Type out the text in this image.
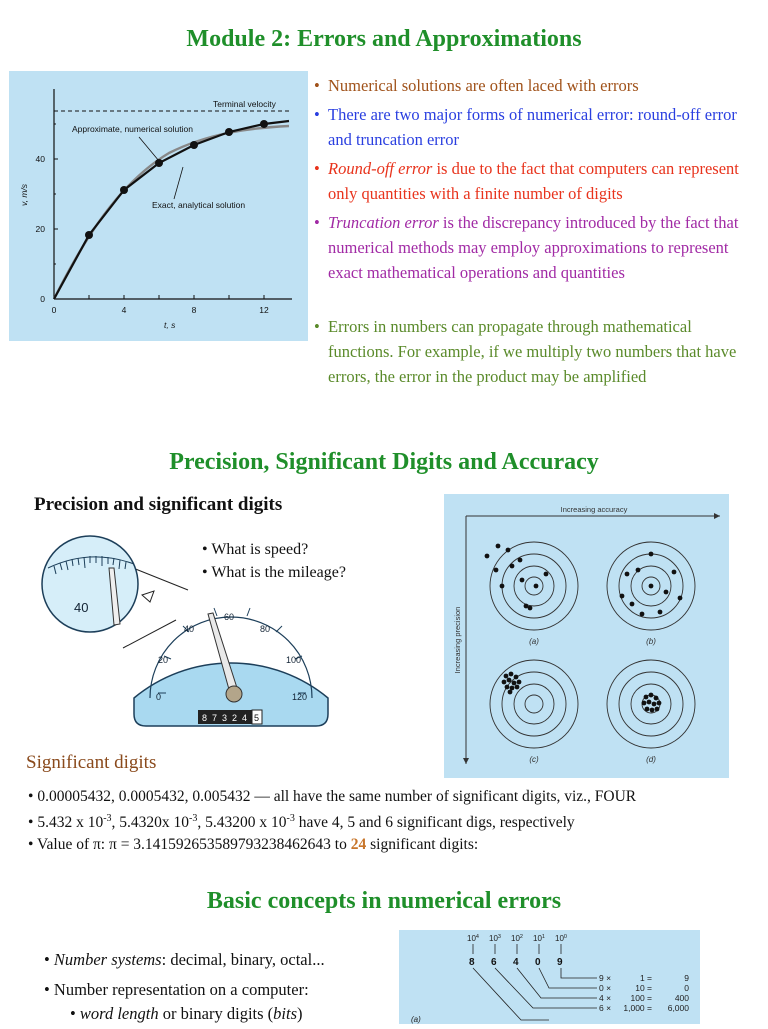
Module 2: Errors and Approximations
Terminal velocity
Approximate, numerical solution
Exact, analytical solution
v, m/s
t, s
0
20
40
0	4	8	12
• Numerical solutions are often laced with errors
• There are two major forms of numerical error: round-off error and truncation error
• Round-off error is due to the fact that computers can represent only quantities with a finite number of digits
• Truncation error is the discrepancy introduced by the fact that numerical methods may employ approximations to represent exact mathematical operations and quantities
• Errors in numbers can propagate through mathematical functions. For example, if we multiply two numbers that have errors, the error in the product may be amplified
Precision, Significant Digits and Accuracy
Precision and significant digits
• What is speed?
• What is the mileage?
0
20
40
60
80
100
120
8 7 3 2 4 5
40
Increasing accuracy
Increasing precision	(a)	(b)
(c)	(d)
Significant digits
• 0.00005432, 0.0005432, 0.005432 — all have the same number of significant digits, viz., FOUR
• 5.432 x $10^{-3}$, 5.4320x $10^{-3}$, 5.43200 x $10^{-3}$ have 4, 5 and 6 significant digs, respectively
• Value of π: π = 3.141592653589793238462643 to 24 significant digits:
Basic concepts in numerical errors
• Number systems: decimal, binary, octal...
• Number representation on a computer:
• word length or binary digits (bits)
$10^4$ $10^3$ $10^2$ $10^1$ $10^0$
8 6 4 0 9
9 ×	1 =	9
0 ×	10 =	0
4 × 100 =	400
6 × 1,000 = 6,000
(a)
